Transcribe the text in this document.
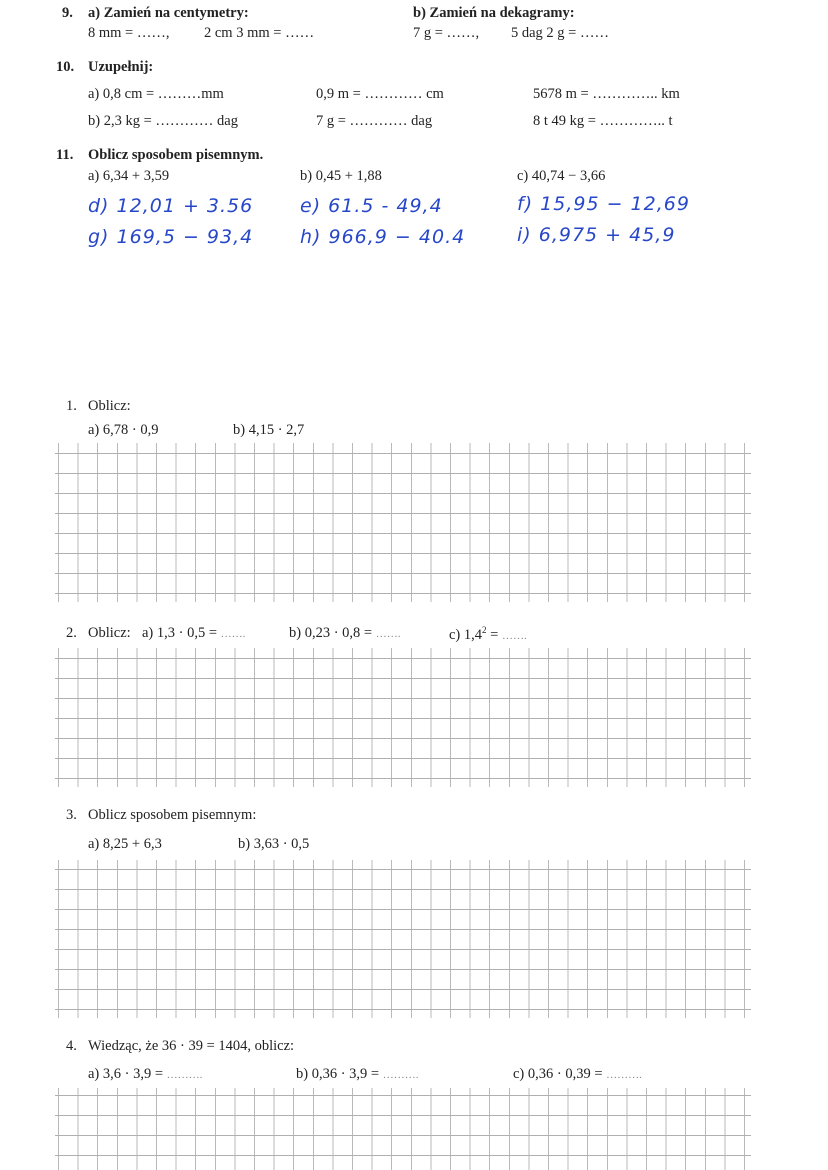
9. a) Zamień na centymetry:
8 mm = ……, 2 cm 3 mm = ……
b) Zamień na dekagramy:
7 g = ……, 5 dag 2 g = ……
10. Uzupełnij:
a) 0,8 cm = ………mm	0,9 m = ………… cm	5678 m = ………….. km
b) 2,3 kg = ………… dag	7 g = ………… dag	8 t 49 kg = ………….. t
11. Oblicz sposobem pisemnym.
a) 6,34 + 3,59	b) 0,45 + 1,88	c) 40,74 − 3,66
d) 12,01 + 3.56 e) 61.5 - 49,4	f) 15,95 − 12,69
g) 169,5 − 93,4 h) 966,9 − 40.4	i) 6,975 + 45,9
1. Oblicz:
a) 6,78 · 0,9	b) 4,15 · 2,7
2. Oblicz: a) 1,3 · 0,5 = …….	b) 0,23 · 0,8 = …….	c) $1,4^2$ = …….
3. Oblicz sposobem pisemnym:
a) 8,25 + 6,3	b) 3,63 · 0,5
4. Wiedząc, że 36 · 39 = 1404, oblicz:
a) 3,6 · 3,9 = ……….	b) 0,36 · 3,9 = ……….	c) 0,36 · 0,39 = ……….
